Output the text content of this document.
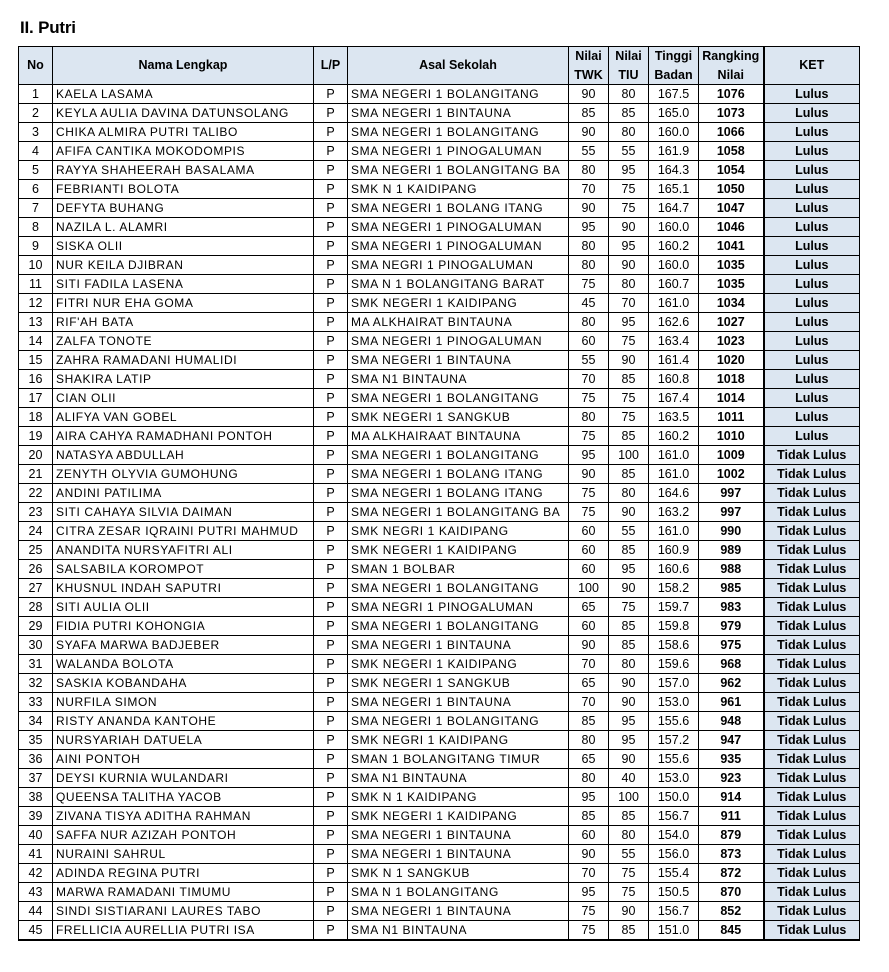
II. Putri
No	Nama Lengkap	L/P	Asal Sekolah	Nilai	Nilai	Tinggi	Rangking	KET
				TWK	TIU	Badan	Nilai	
1	KAELA LASAMA	P	SMA NEGERI 1 BOLANGITANG	90	80	167.5	1076	Lulus
2	KEYLA AULIA DAVINA DATUNSOLANG	P	SMA NEGERI 1 BINTAUNA	85	85	165.0	1073	Lulus
3	CHIKA ALMIRA PUTRI TALIBO	P	SMA NEGERI 1 BOLANGITANG	90	80	160.0	1066	Lulus
4	AFIFA CANTIKA MOKODOMPIS	P	SMA NEGERI 1 PINOGALUMAN	55	55	161.9	1058	Lulus
5	RAYYA SHAHEERAH BASALAMA	P	SMA NEGERI 1 BOLANGITANG BA	80	95	164.3	1054	Lulus
6	FEBRIANTI BOLOTA	P	SMK N 1 KAIDIPANG	70	75	165.1	1050	Lulus
7	DEFYTA BUHANG	P	SMA NEGERI 1 BOLANG ITANG	90	75	164.7	1047	Lulus
8	NAZILA L. ALAMRI	P	SMA NEGERI 1 PINOGALUMAN	95	90	160.0	1046	Lulus
9	SISKA OLII	P	SMA NEGERI 1 PINOGALUMAN	80	95	160.2	1041	Lulus
10	NUR KEILA DJIBRAN	P	SMA NEGRI 1 PINOGALUMAN	80	90	160.0	1035	Lulus
11	SITI FADILA LASENA	P	SMA N 1 BOLANGITANG BARAT	75	80	160.7	1035	Lulus
12	FITRI NUR EHA GOMA	P	SMK NEGERI 1 KAIDIPANG	45	70	161.0	1034	Lulus
13	RIF'AH BATA	P	MA ALKHAIRAT BINTAUNA	80	95	162.6	1027	Lulus
14	ZALFA TONOTE	P	SMA NEGERI 1 PINOGALUMAN	60	75	163.4	1023	Lulus
15	ZAHRA RAMADANI HUMALIDI	P	SMA NEGERI 1 BINTAUNA	55	90	161.4	1020	Lulus
16	SHAKIRA LATIP	P	SMA N1 BINTAUNA	70	85	160.8	1018	Lulus
17	CIAN OLII	P	SMA NEGERI 1 BOLANGITANG	75	75	167.4	1014	Lulus
18	ALIFYA VAN GOBEL	P	SMK NEGERI 1 SANGKUB	80	75	163.5	1011	Lulus
19	AIRA CAHYA RAMADHANI PONTOH	P	MA ALKHAIRAAT BINTAUNA	75	85	160.2	1010	Lulus
20	NATASYA ABDULLAH	P	SMA NEGERI 1 BOLANGITANG	95	100	161.0	1009	Tidak Lulus
21	ZENYTH OLYVIA GUMOHUNG	P	SMA NEGERI 1 BOLANG ITANG	90	85	161.0	1002	Tidak Lulus
22	ANDINI PATILIMA	P	SMA NEGERI 1 BOLANG ITANG	75	80	164.6	997	Tidak Lulus
23	SITI CAHAYA SILVIA DAIMAN	P	SMA NEGERI 1 BOLANGITANG BA	75	90	163.2	997	Tidak Lulus
24	CITRA ZESAR IQRAINI PUTRI MAHMUD	P	SMK NEGRI 1 KAIDIPANG	60	55	161.0	990	Tidak Lulus
25	ANANDITA NURSYAFITRI ALI	P	SMK NEGERI 1 KAIDIPANG	60	85	160.9	989	Tidak Lulus
26	SALSABILA KOROMPOT	P	SMAN 1 BOLBAR	60	95	160.6	988	Tidak Lulus
27	KHUSNUL INDAH SAPUTRI	P	SMA NEGERI 1 BOLANGITANG	100	90	158.2	985	Tidak Lulus
28	SITI AULIA OLII	P	SMA NEGRI 1 PINOGALUMAN	65	75	159.7	983	Tidak Lulus
29	FIDIA PUTRI KOHONGIA	P	SMA NEGERI 1 BOLANGITANG	60	85	159.8	979	Tidak Lulus
30	SYAFA MARWA BADJEBER	P	SMA NEGERI 1 BINTAUNA	90	85	158.6	975	Tidak Lulus
31	WALANDA BOLOTA	P	SMK NEGERI 1 KAIDIPANG	70	80	159.6	968	Tidak Lulus
32	SASKIA KOBANDAHA	P	SMK NEGERI 1 SANGKUB	65	90	157.0	962	Tidak Lulus
33	NURFILA SIMON	P	SMA NEGERI 1 BINTAUNA	70	90	153.0	961	Tidak Lulus
34	RISTY ANANDA KANTOHE	P	SMA NEGERI 1 BOLANGITANG	85	95	155.6	948	Tidak Lulus
35	NURSYARIAH DATUELA	P	SMK NEGRI 1 KAIDIPANG	80	95	157.2	947	Tidak Lulus
36	AINI PONTOH	P	SMAN 1 BOLANGITANG TIMUR	65	90	155.6	935	Tidak Lulus
37	DEYSI KURNIA WULANDARI	P	SMA N1 BINTAUNA	80	40	153.0	923	Tidak Lulus
38	QUEENSA TALITHA YACOB	P	SMK N 1 KAIDIPANG	95	100	150.0	914	Tidak Lulus
39	ZIVANA TISYA ADITHA RAHMAN	P	SMK NEGERI 1 KAIDIPANG	85	85	156.7	911	Tidak Lulus
40	SAFFA NUR AZIZAH PONTOH	P	SMA NEGERI 1 BINTAUNA	60	80	154.0	879	Tidak Lulus
41	NURAINI SAHRUL	P	SMA NEGERI 1 BINTAUNA	90	55	156.0	873	Tidak Lulus
42	ADINDA REGINA PUTRI	P	SMK N 1 SANGKUB	70	75	155.4	872	Tidak Lulus
43	MARWA RAMADANI TIMUMU	P	SMA N 1 BOLANGITANG	95	75	150.5	870	Tidak Lulus
44	SINDI SISTIARANI LAURES TABO	P	SMA NEGERI 1 BINTAUNA	75	90	156.7	852	Tidak Lulus
45	FRELLICIA AURELLIA PUTRI ISA	P	SMA N1 BINTAUNA	75	85	151.0	845	Tidak Lulus
